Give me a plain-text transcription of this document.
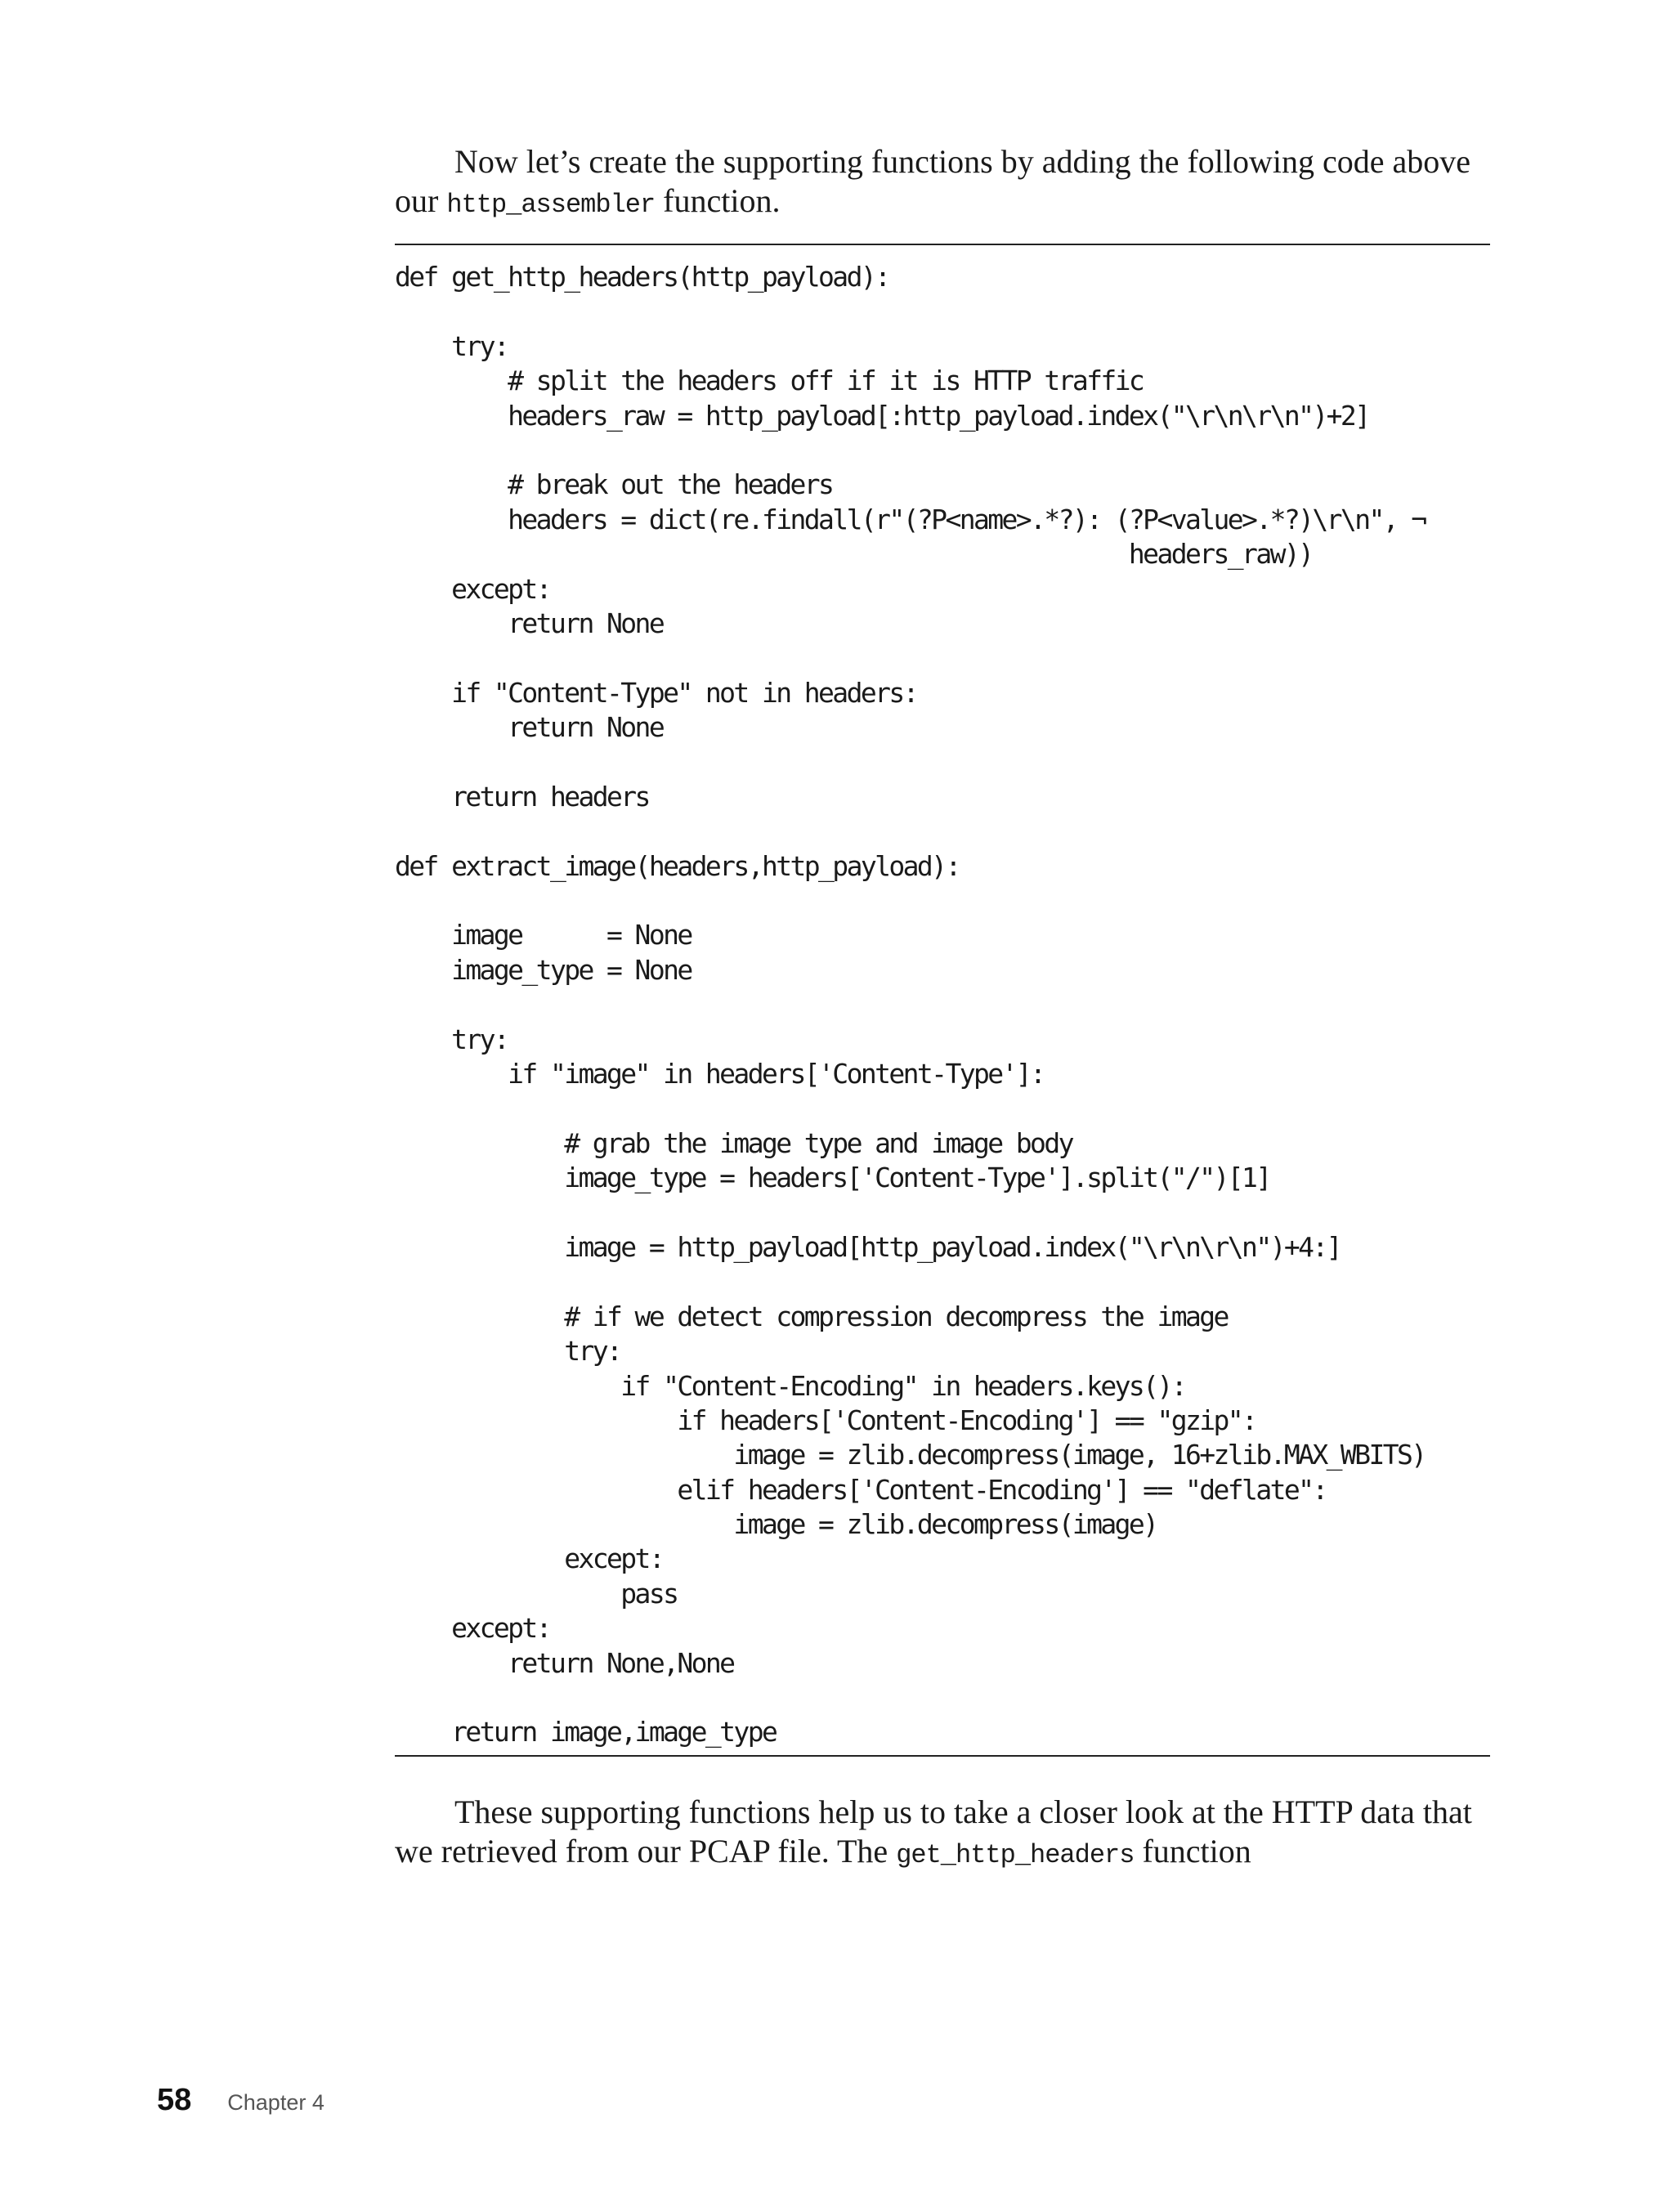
Now let’s create the supporting functions by adding the following code above our http_assembler function.

def get_http_headers(http_payload):
try:
# split the headers off if it is HTTP traffic
headers_raw = http_payload[:http_payload.index("\r\n\r\n")+2]
# break out the headers
headers = dict(re.findall(r"(?P<name>.*?): (?P<value>.*?)\r\n", ¬
headers_raw))
except:
return None
if "Content-Type" not in headers:
return None
return headers
def extract_image(headers,http_payload):
image      = None
image_type = None
try:
if "image" in headers['Content-Type']:
# grab the image type and image body
image_type = headers['Content-Type'].split("/")[1]
image = http_payload[http_payload.index("\r\n\r\n")+4:]
# if we detect compression decompress the image
try:
if "Content-Encoding" in headers.keys():
if headers['Content-Encoding'] == "gzip":
image = zlib.decompress(image, 16+zlib.MAX_WBITS)
elif headers['Content-Encoding'] == "deflate":
image = zlib.decompress(image)
except:
pass
except:
return None,None
return image,image_type

These supporting functions help us to take a closer look at the HTTP data that we retrieved from our PCAP file. The get_http_headers function

58 Chapter 4
